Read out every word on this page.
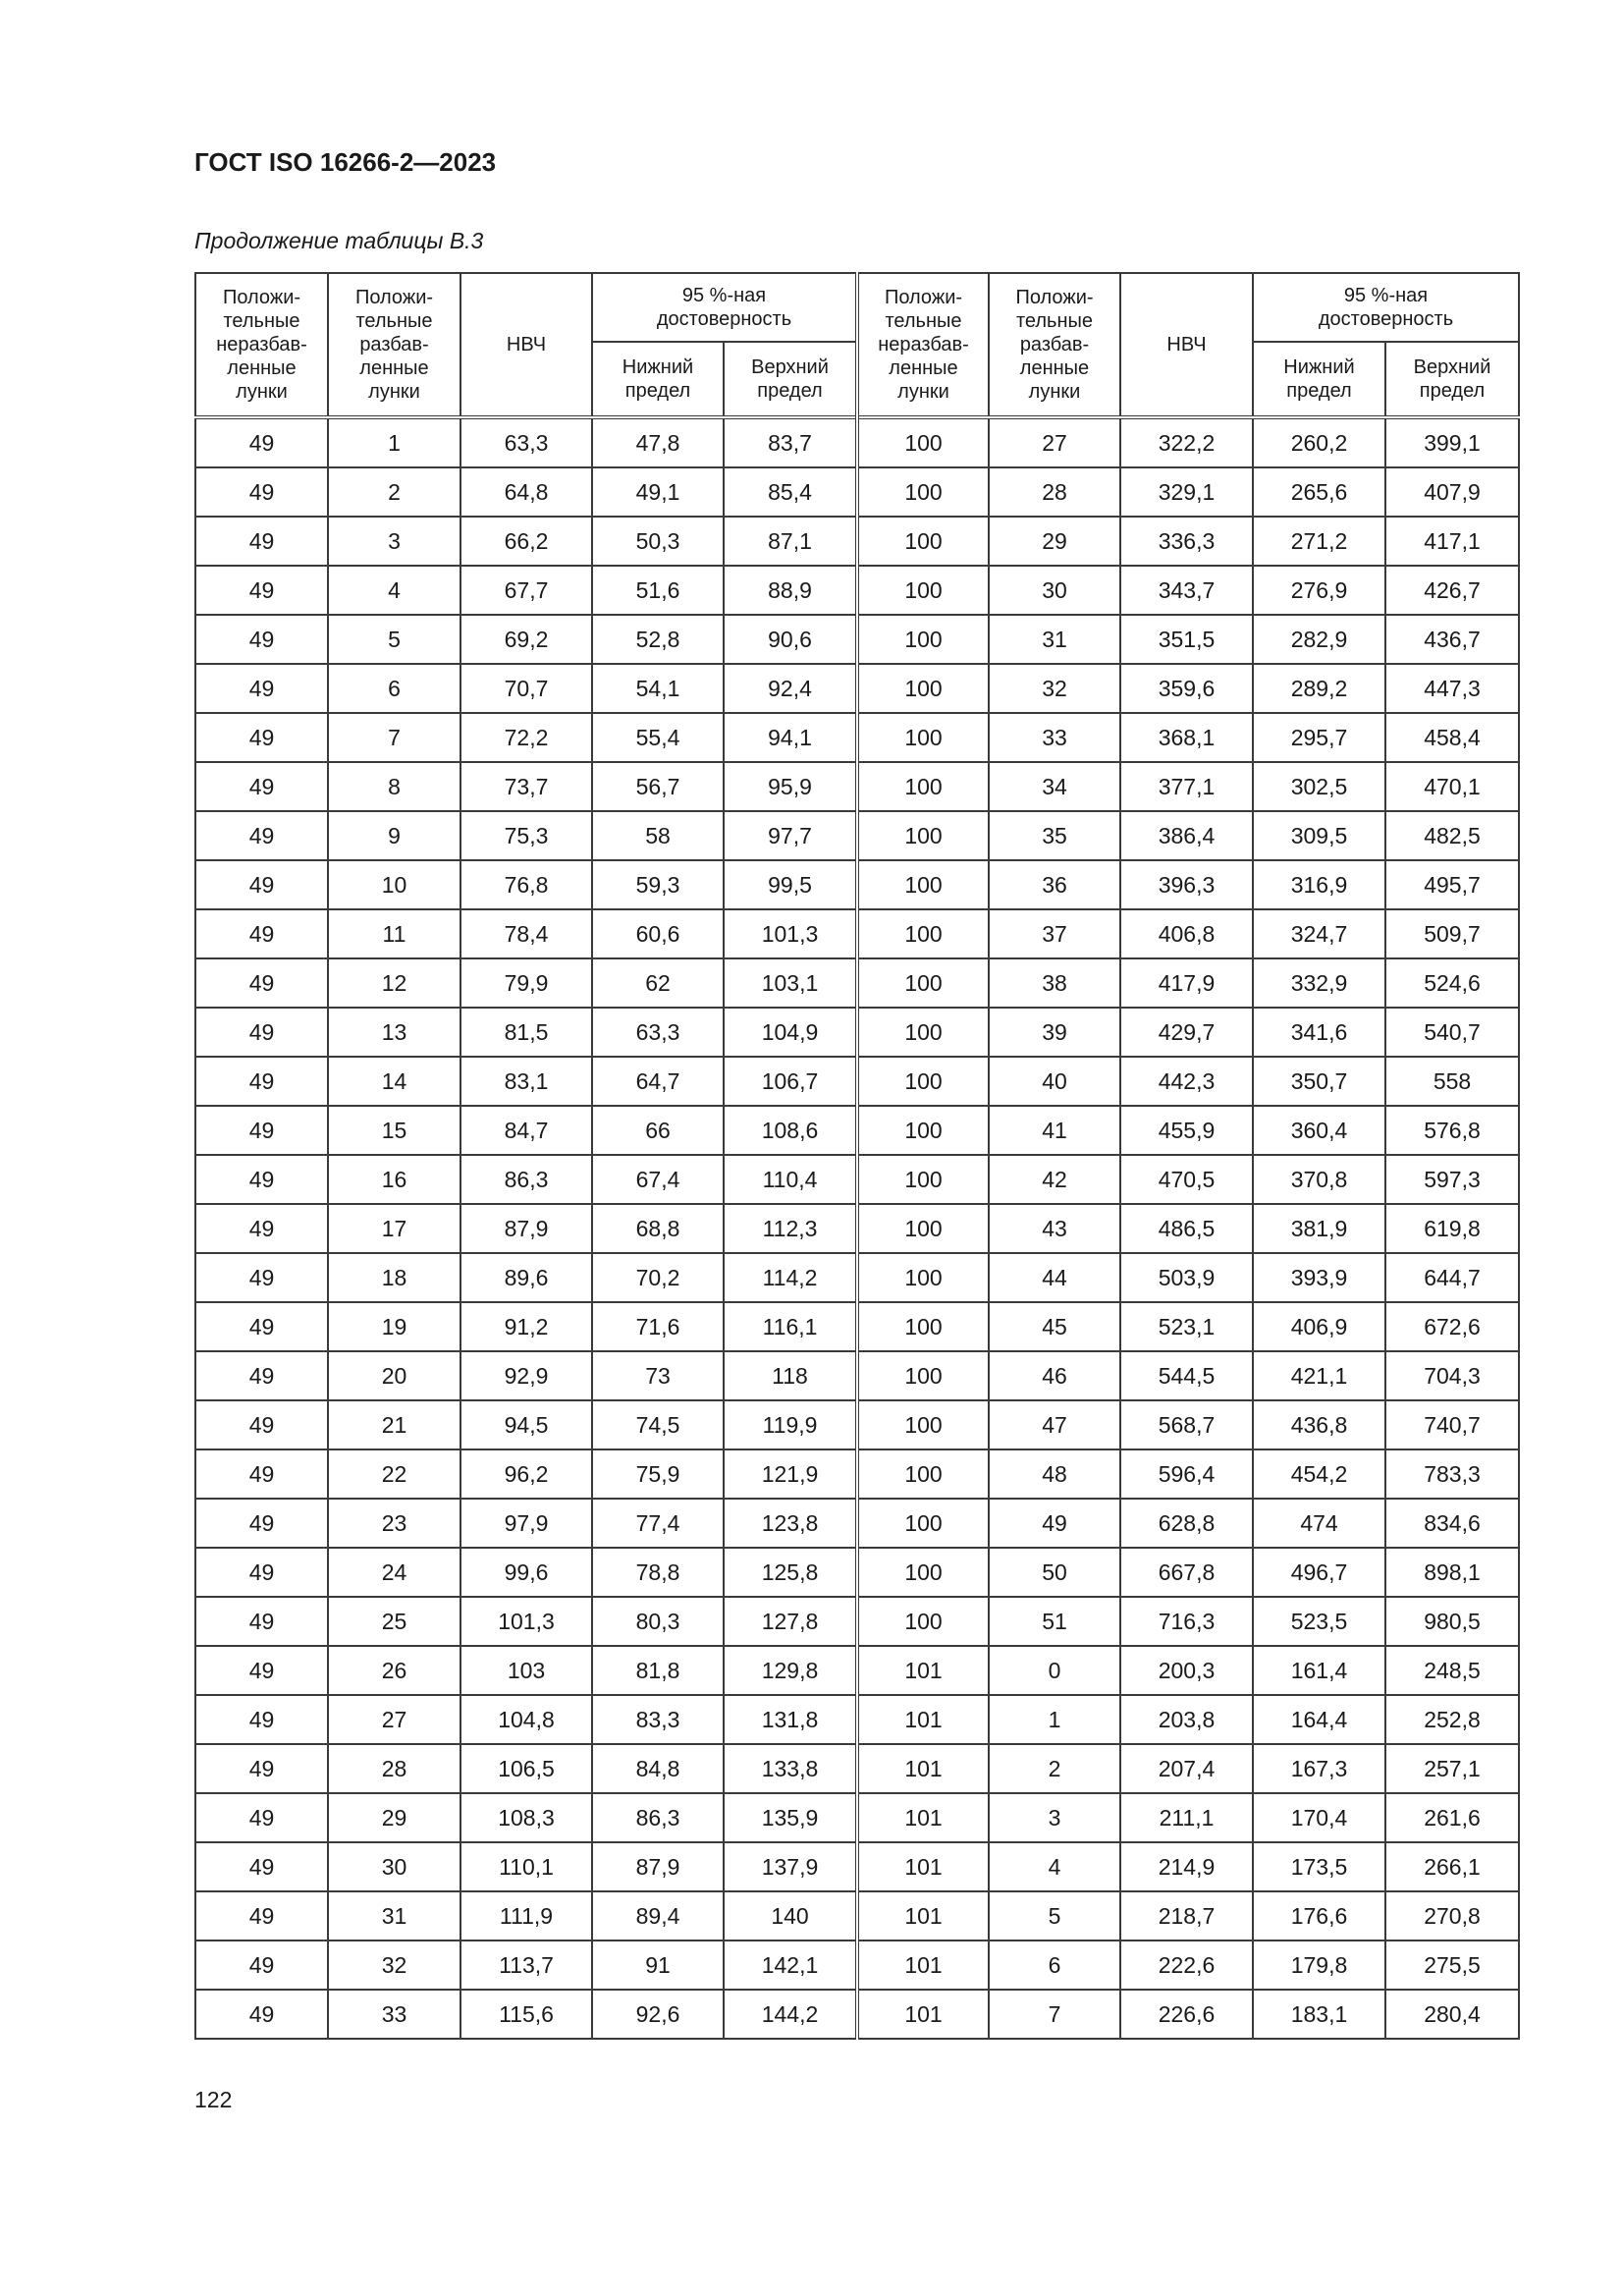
ГОСТ ISO 16266-2—2023
Продолжение таблицы B.3
Положи-
тельные
неразбав-
ленные
лунки	Положи-
тельные
разбав-
ленные
лунки	НВЧ	95 %-ная
достоверность		Положи-
тельные
неразбав-
ленные
лунки	Положи-
тельные
разбав-
ленные
лунки	НВЧ	95 %-ная
достоверность	
			Нижний
предел	Верхний
предел				Нижний
предел	Верхний
предел
49	1	63,3	47,8	83,7	100	27	322,2	260,2	399,1
49	2	64,8	49,1	85,4	100	28	329,1	265,6	407,9
49	3	66,2	50,3	87,1	100	29	336,3	271,2	417,1
49	4	67,7	51,6	88,9	100	30	343,7	276,9	426,7
49	5	69,2	52,8	90,6	100	31	351,5	282,9	436,7
49	6	70,7	54,1	92,4	100	32	359,6	289,2	447,3
49	7	72,2	55,4	94,1	100	33	368,1	295,7	458,4
49	8	73,7	56,7	95,9	100	34	377,1	302,5	470,1
49	9	75,3	58	97,7	100	35	386,4	309,5	482,5
49	10	76,8	59,3	99,5	100	36	396,3	316,9	495,7
49	11	78,4	60,6	101,3	100	37	406,8	324,7	509,7
49	12	79,9	62	103,1	100	38	417,9	332,9	524,6
49	13	81,5	63,3	104,9	100	39	429,7	341,6	540,7
49	14	83,1	64,7	106,7	100	40	442,3	350,7	558
49	15	84,7	66	108,6	100	41	455,9	360,4	576,8
49	16	86,3	67,4	110,4	100	42	470,5	370,8	597,3
49	17	87,9	68,8	112,3	100	43	486,5	381,9	619,8
49	18	89,6	70,2	114,2	100	44	503,9	393,9	644,7
49	19	91,2	71,6	116,1	100	45	523,1	406,9	672,6
49	20	92,9	73	118	100	46	544,5	421,1	704,3
49	21	94,5	74,5	119,9	100	47	568,7	436,8	740,7
49	22	96,2	75,9	121,9	100	48	596,4	454,2	783,3
49	23	97,9	77,4	123,8	100	49	628,8	474	834,6
49	24	99,6	78,8	125,8	100	50	667,8	496,7	898,1
49	25	101,3	80,3	127,8	100	51	716,3	523,5	980,5
49	26	103	81,8	129,8	101	0	200,3	161,4	248,5
49	27	104,8	83,3	131,8	101	1	203,8	164,4	252,8
49	28	106,5	84,8	133,8	101	2	207,4	167,3	257,1
49	29	108,3	86,3	135,9	101	3	211,1	170,4	261,6
49	30	110,1	87,9	137,9	101	4	214,9	173,5	266,1
49	31	111,9	89,4	140	101	5	218,7	176,6	270,8
49	32	113,7	91	142,1	101	6	222,6	179,8	275,5
49	33	115,6	92,6	144,2	101	7	226,6	183,1	280,4
122
